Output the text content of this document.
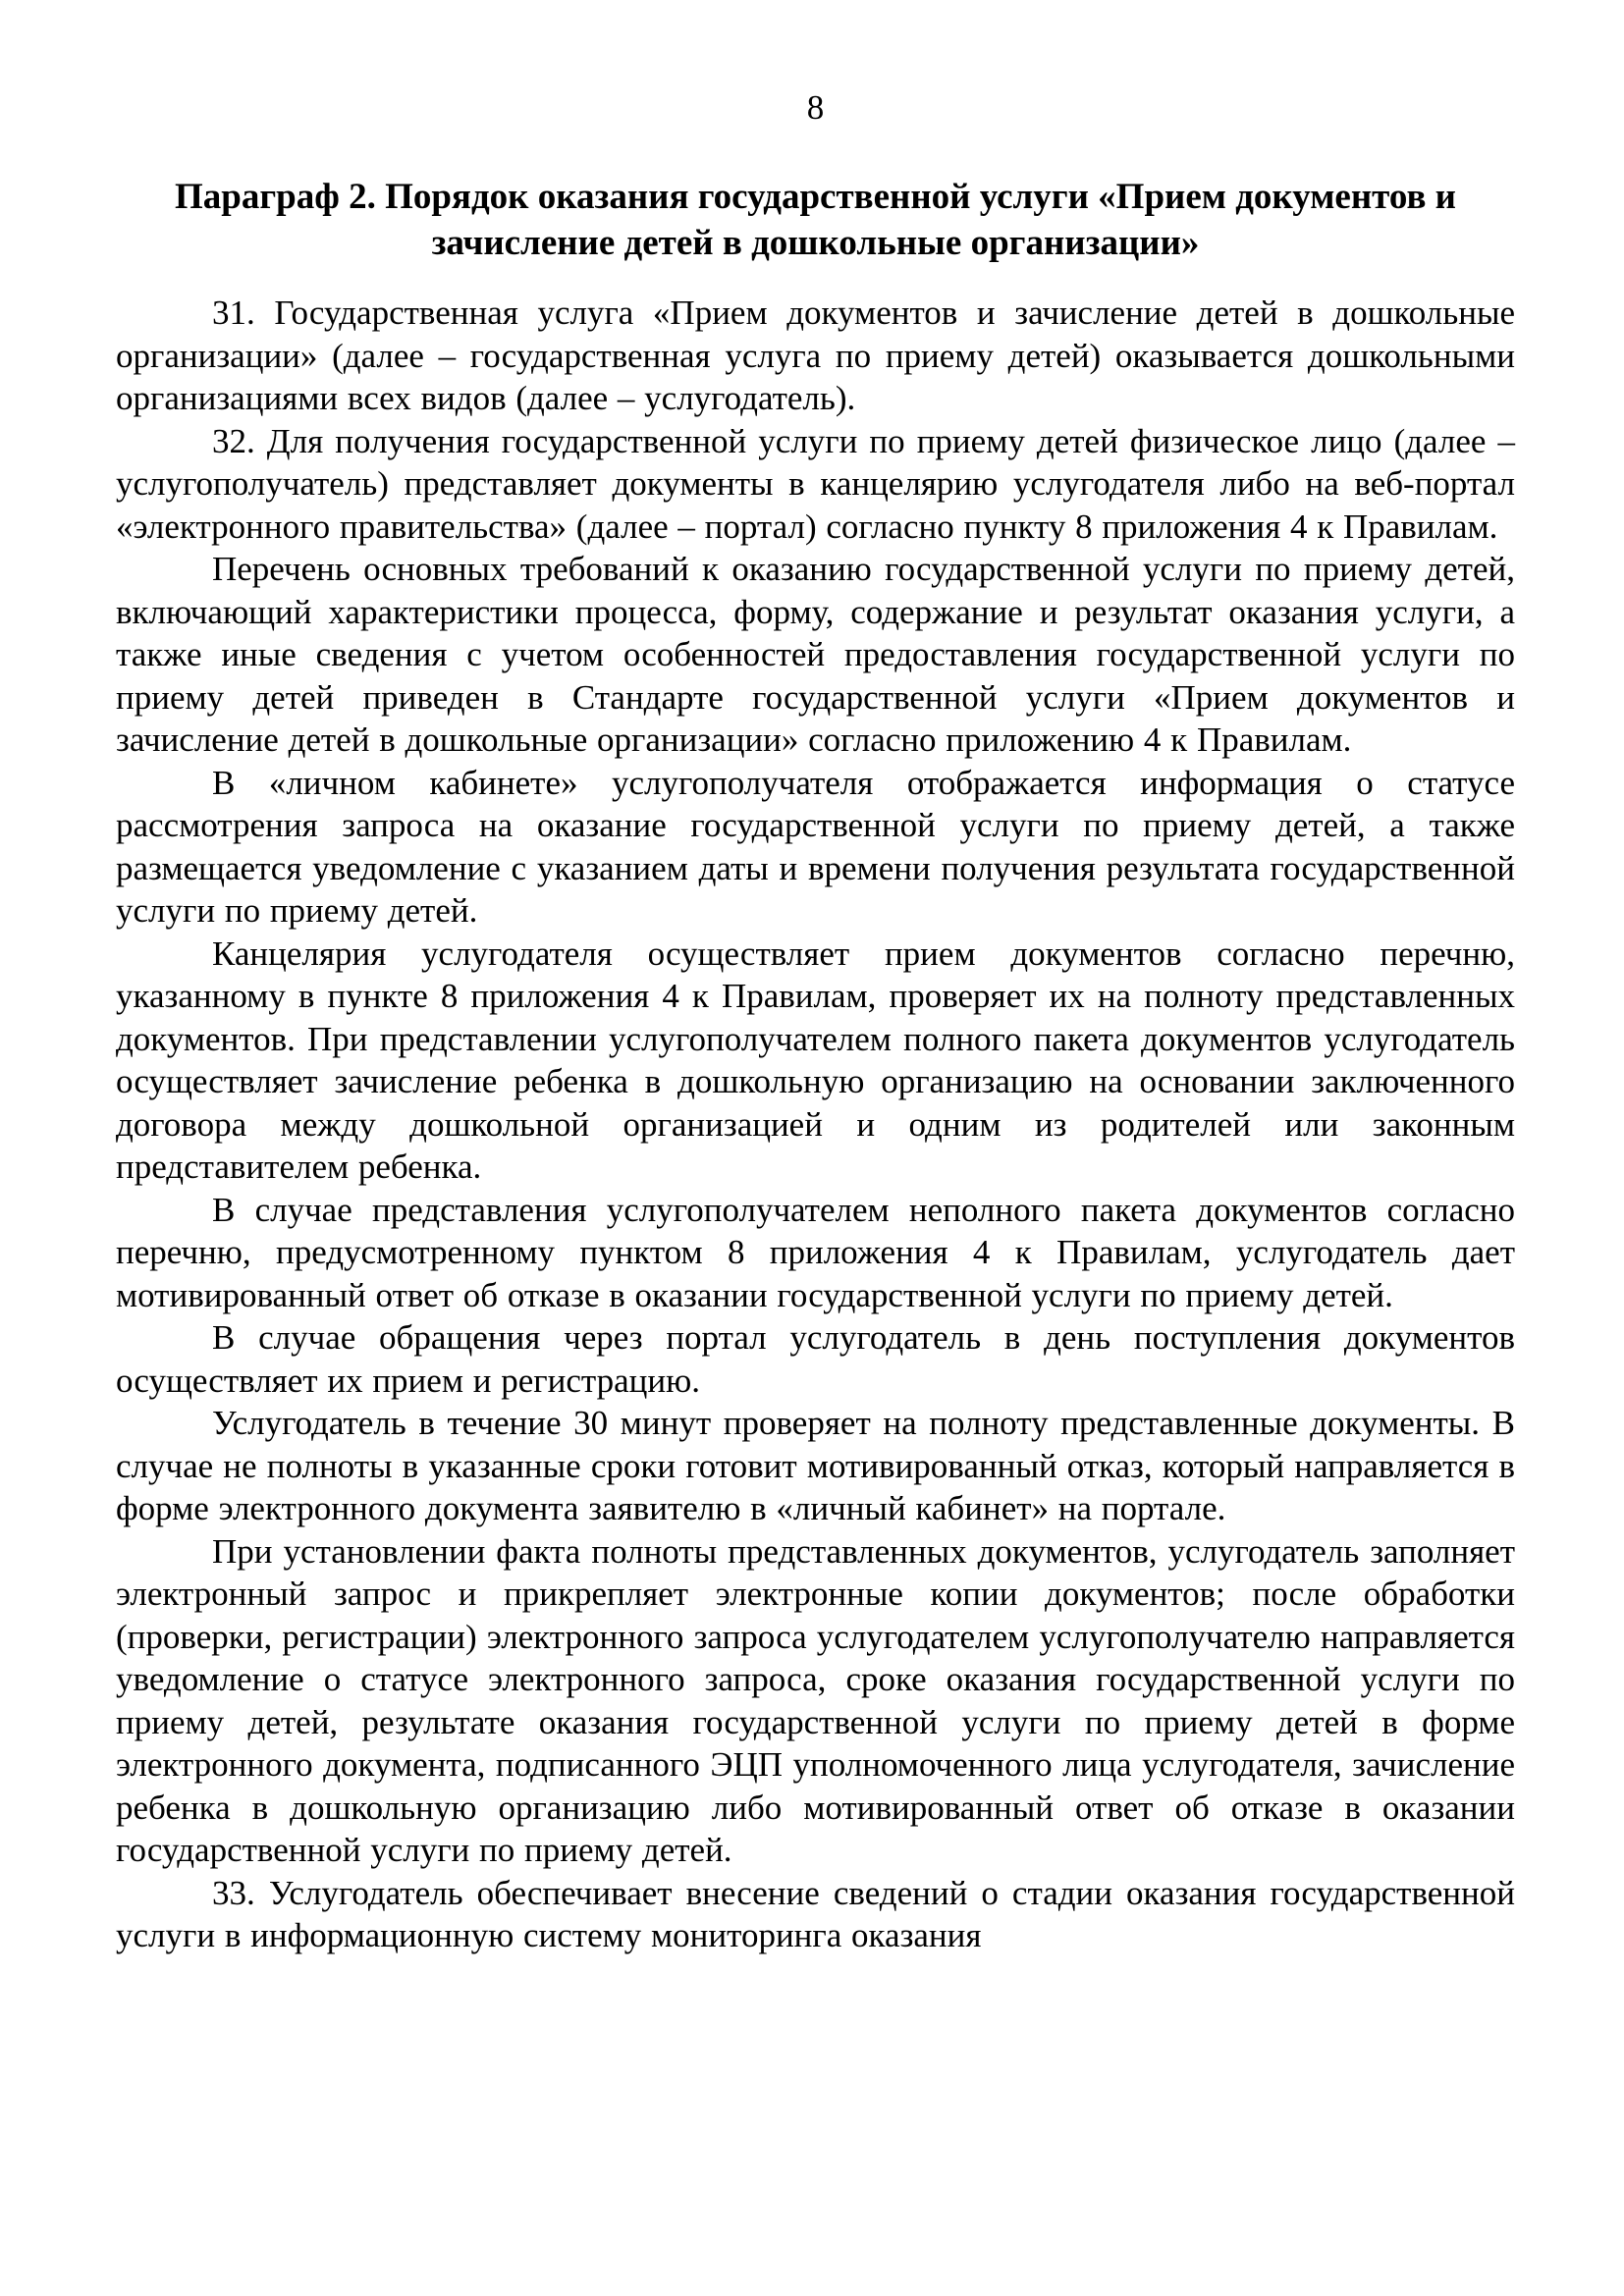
8
Параграф 2. Порядок оказания государственной услуги «Прием документов и
зачисление детей в дошкольные организации»

31. Государственная услуга «Прием документов и зачисление детей в дошкольные организации» (далее – государственная услуга по приему детей) оказывается дошкольными организациями всех видов (далее – услугодатель).

32. Для получения государственной услуги по приему детей физическое лицо (далее – услугополучатель) представляет документы в канцелярию услугодателя либо на веб-портал «электронного правительства» (далее – портал) согласно пункту 8 приложения 4 к Правилам.

Перечень основных требований к оказанию государственной услуги по приему детей, включающий характеристики процесса, форму, содержание и результат оказания услуги, а также иные сведения с учетом особенностей предоставления государственной услуги по приему детей приведен в Стандарте государственной услуги «Прием документов и зачисление детей в дошкольные организации» согласно приложению 4 к Правилам.

В «личном кабинете» услугополучателя отображается информация о статусе рассмотрения запроса на оказание государственной услуги по приему детей, а также размещается уведомление с указанием даты и времени получения результата государственной услуги по приему детей.

Канцелярия услугодателя осуществляет прием документов согласно перечню, указанному в пункте 8 приложения 4 к Правилам, проверяет их на полноту представленных документов. При представлении услугополучателем полного пакета документов услугодатель осуществляет зачисление ребенка в дошкольную организацию на основании заключенного договора между дошкольной организацией и одним из родителей или законным представителем ребенка.

В случае представления услугополучателем неполного пакета документов согласно перечню, предусмотренному пунктом 8 приложения 4 к Правилам, услугодатель дает мотивированный ответ об отказе в оказании государственной услуги по приему детей.

В случае обращения через портал услугодатель в день поступления документов осуществляет их прием и регистрацию.

Услугодатель в течение 30 минут проверяет на полноту представленные документы. В случае не полноты в указанные сроки готовит мотивированный отказ, который направляется в форме электронного документа заявителю в «личный кабинет» на портале.

При установлении факта полноты представленных документов, услугодатель заполняет электронный запрос и прикрепляет электронные копии документов; после обработки (проверки, регистрации) электронного запроса услугодателем услугополучателю направляется уведомление о статусе электронного запроса, сроке оказания государственной услуги по приему детей, результате оказания государственной услуги по приему детей в форме электронного документа, подписанного ЭЦП уполномоченного лица услугодателя, зачисление ребенка в дошкольную организацию либо мотивированный ответ об отказе в оказании государственной услуги по приему детей.

33. Услугодатель обеспечивает внесение сведений о стадии оказания государственной услуги в информационную систему мониторинга оказания
